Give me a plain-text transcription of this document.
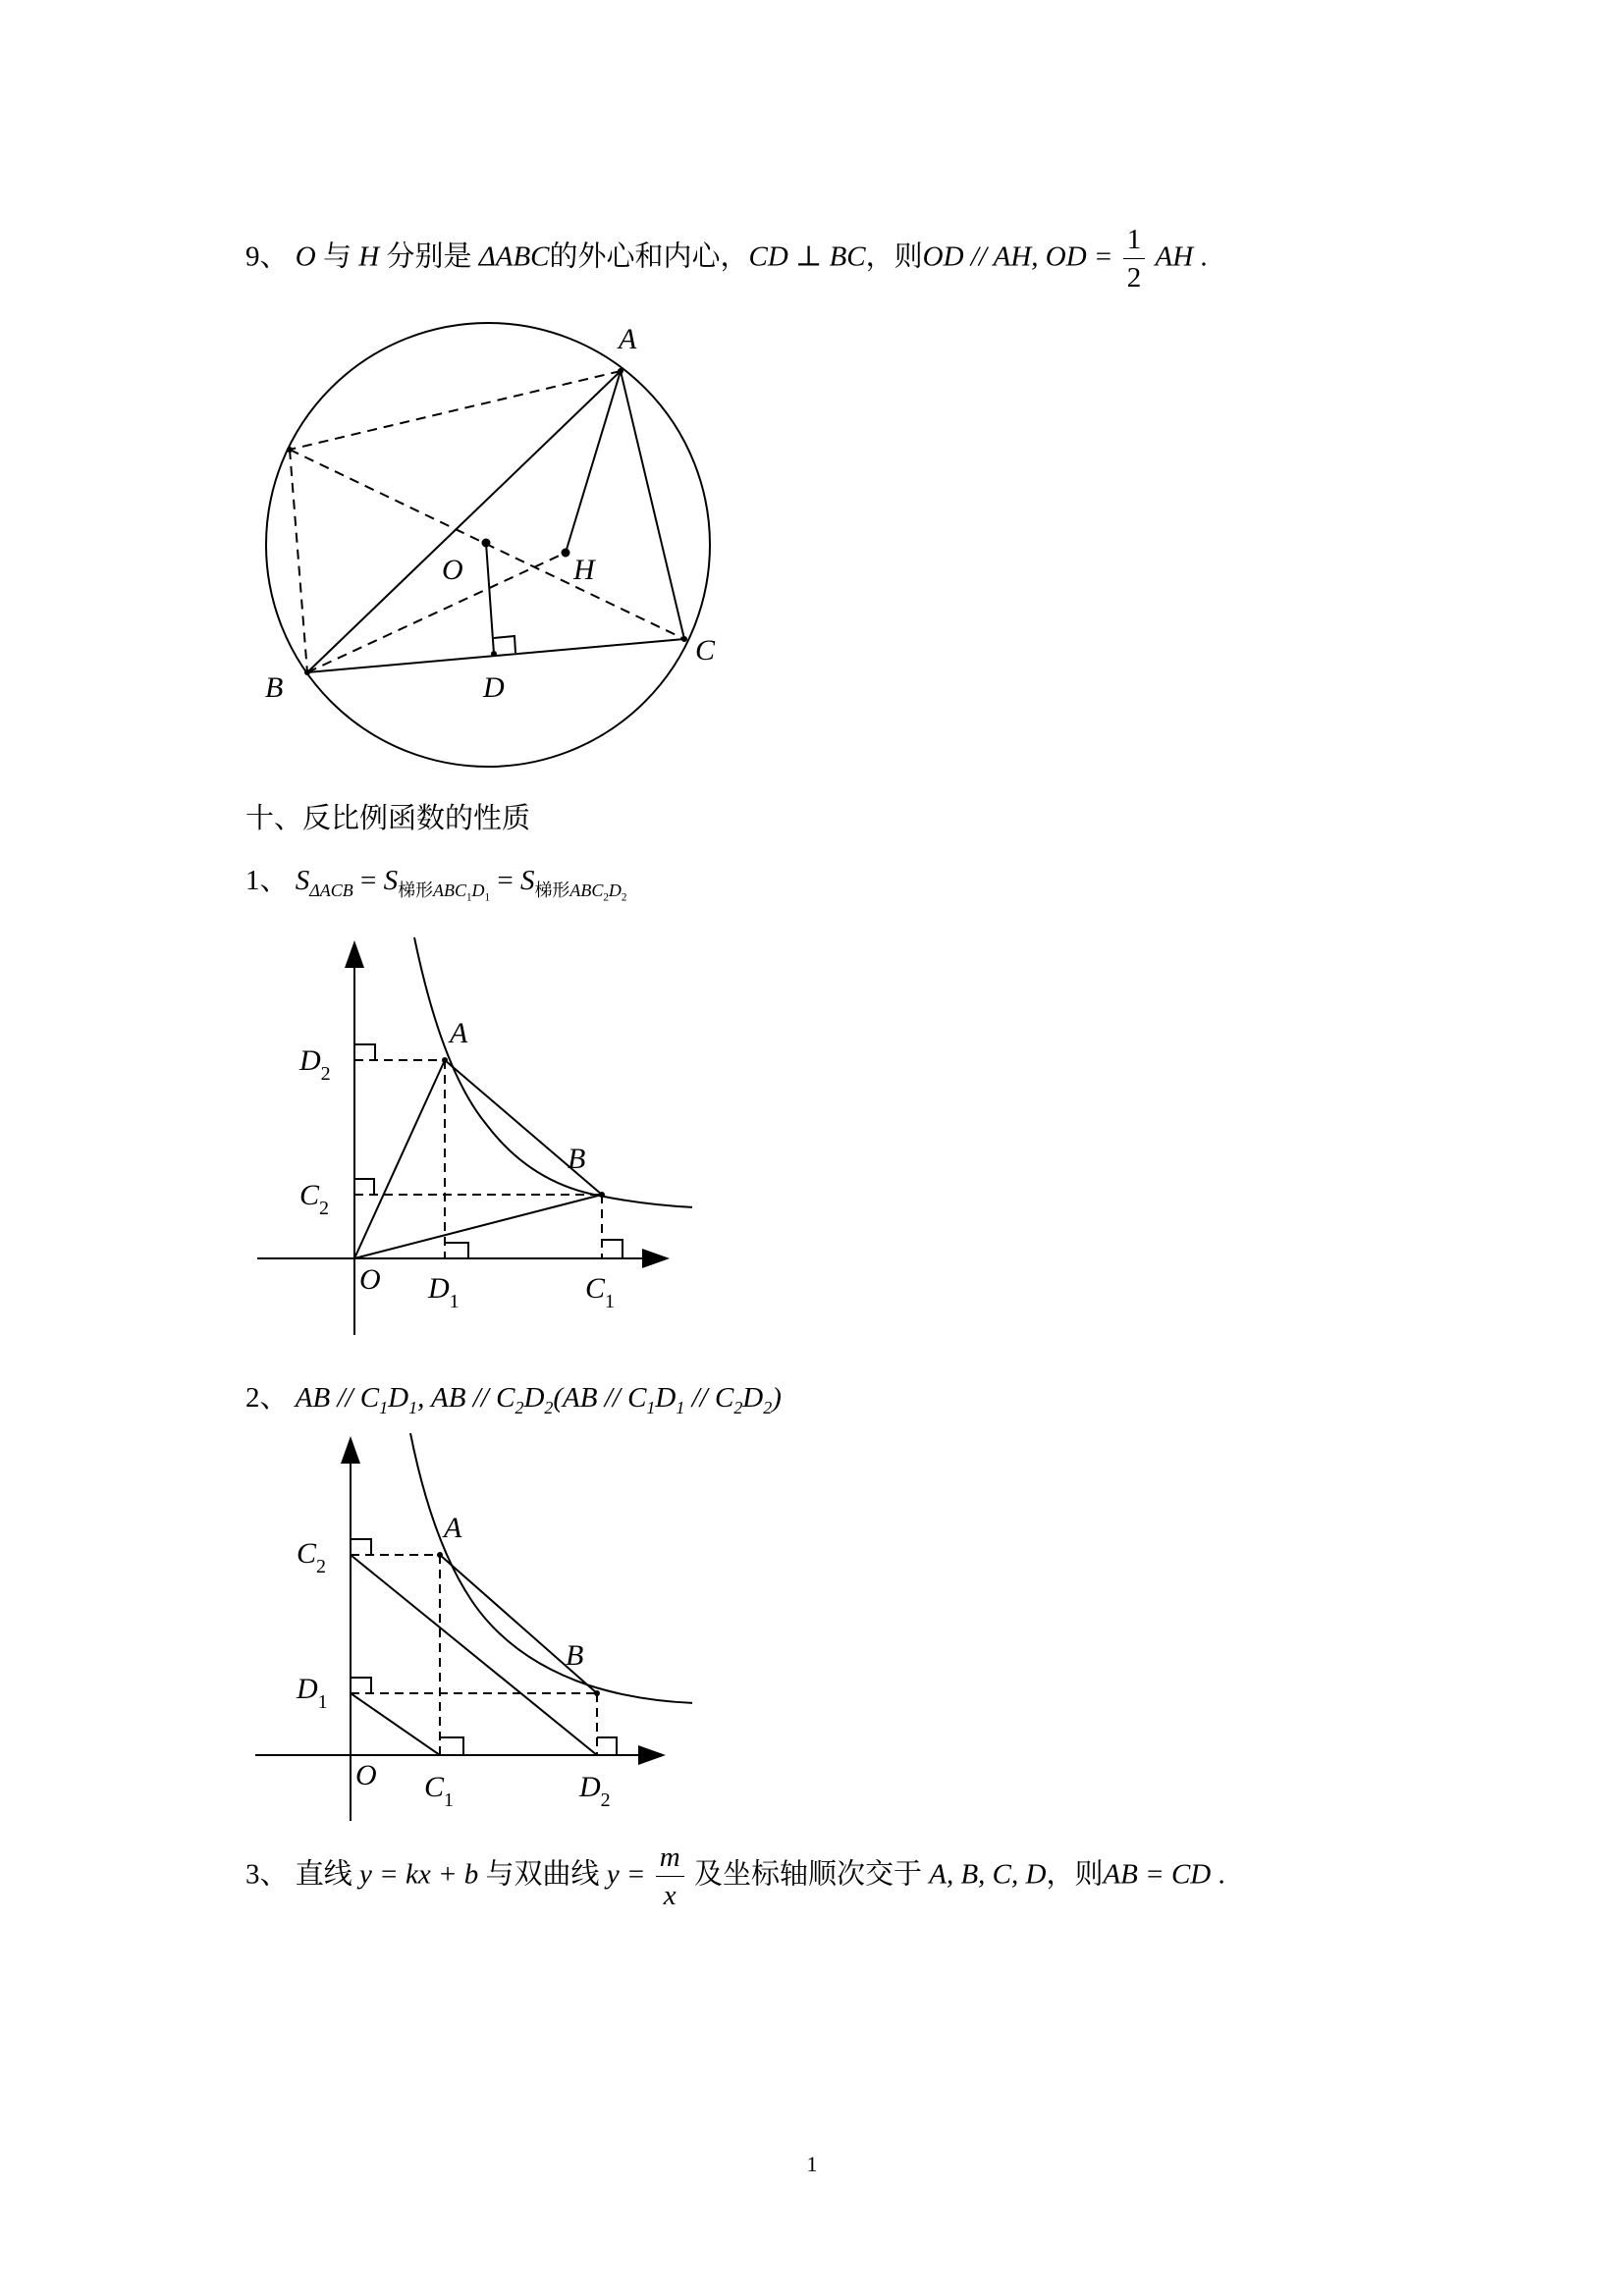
9、 O 与 H 分别是 ΔABC的外心和内心，CD ⊥ BC，则OD // AH, OD = $\frac{1}{2}$ AH .
A
B
C
D
O	H
十、反比例函数的性质
1、 $S_{\Delta ACB} = S_{梯形ABC_1D_1} = S_{梯形ABC_2D_2}$
A
B
O
$D_2$
$C_2$
$D_1$	$C_1$
2、 AB // $C_1D_1$, AB // $C_2D_2(AB // C_1D_1 // C_2D_2)$
A
B
O
$C_2$
$D_1$
$C_1$	$D_2$
3、 直线 y = kx + b 与双曲线 $y = \frac{m}{x}$ 及坐标轴顺次交于 A, B, C, D，则AB = CD .
1
